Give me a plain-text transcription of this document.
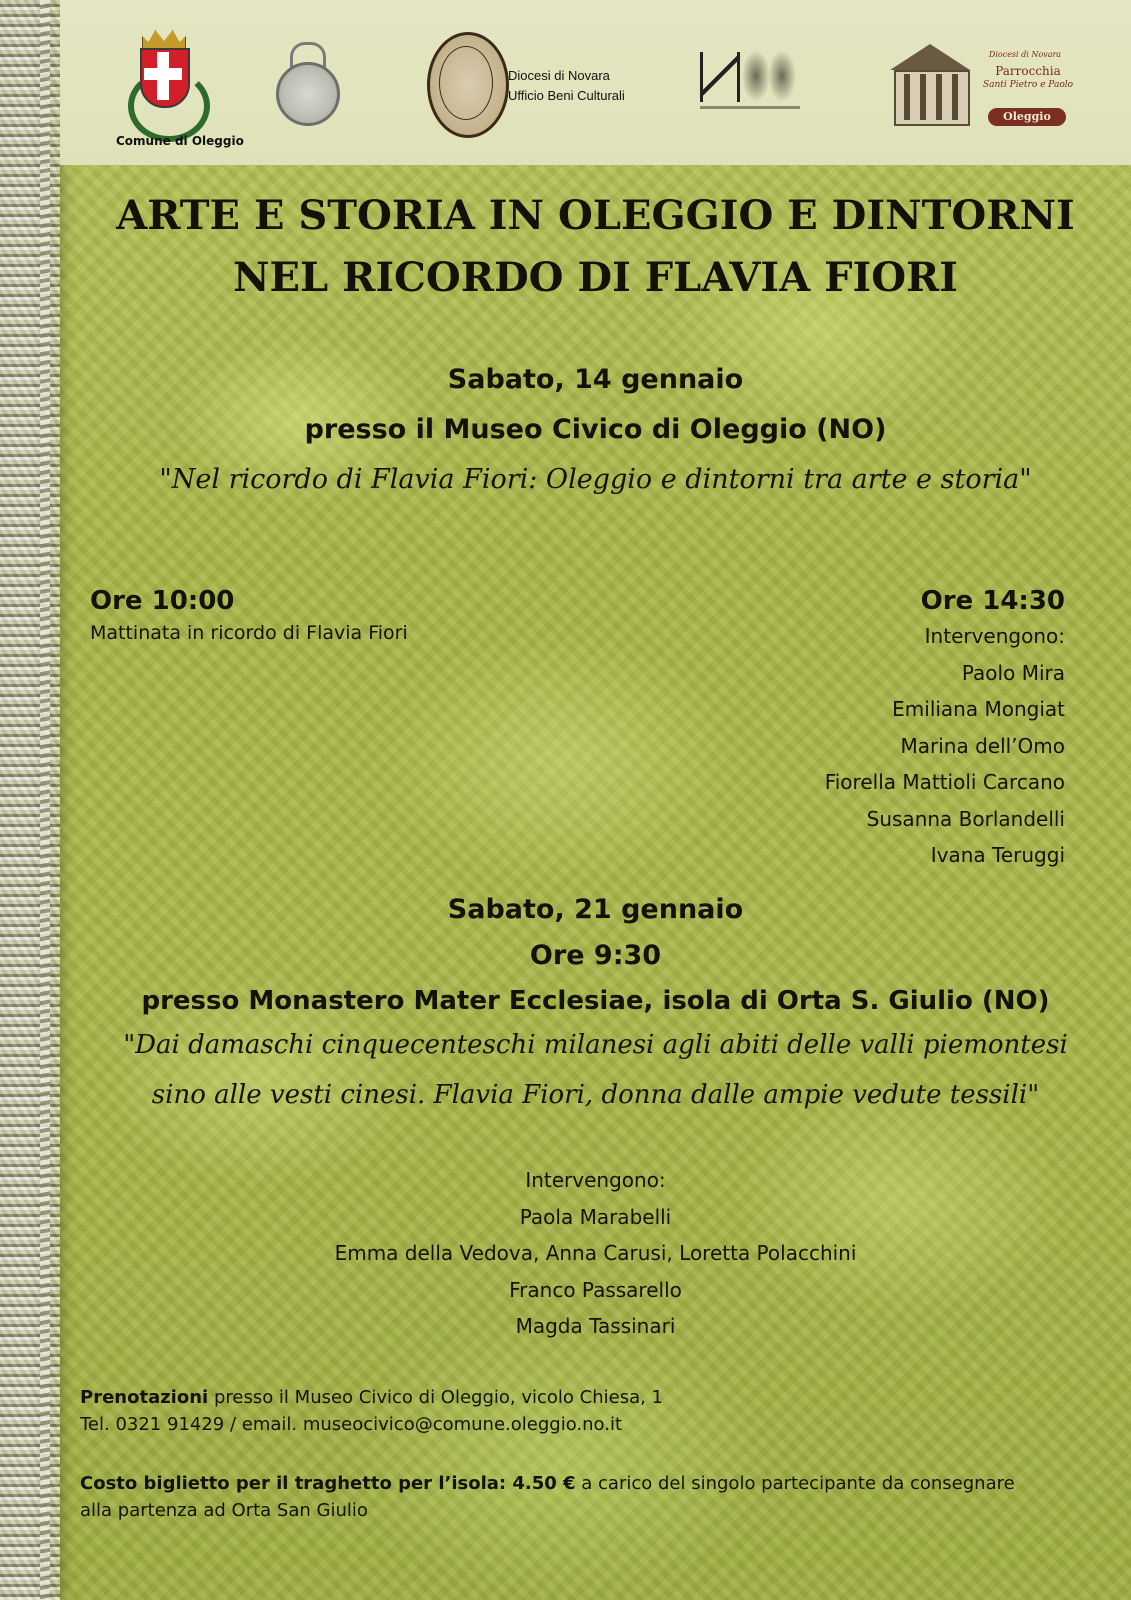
Comune di Oleggio
Diocesi di Novara
Ufficio Beni Culturali
Diocesi di Novara
Parrocchia
Santi Pietro e Paolo
Oleggio
ARTE E STORIA IN OLEGGIO E DINTORNI
NEL RICORDO DI FLAVIA FIORI
Sabato, 14 gennaio
presso il Museo Civico di Oleggio (NO)
"Nel ricordo di Flavia Fiori: Oleggio e dintorni tra arte e storia"
Ore 10:00
Mattinata in ricordo di Flavia Fiori
Ore 14:30
Intervengono:
Paolo Mira
Emiliana Mongiat
Marina dell’Omo
Fiorella Mattioli Carcano
Susanna Borlandelli
Ivana Teruggi
Sabato, 21 gennaio
Ore 9:30
presso Monastero Mater Ecclesiae, isola di Orta S. Giulio (NO)
"Dai damaschi cinquecenteschi milanesi agli abiti delle valli piemontesi
sino alle vesti cinesi. Flavia Fiori, donna dalle ampie vedute tessili"
Intervengono:
Paola Marabelli
Emma della Vedova, Anna Carusi, Loretta Polacchini
Franco Passarello
Magda Tassinari
Prenotazioni presso il Museo Civico di Oleggio, vicolo Chiesa, 1
Tel. 0321 91429 / email. museocivico@comune.oleggio.no.it
Costo biglietto per il traghetto per l’isola: 4.50 € a carico del singolo partecipante da consegnare alla partenza ad Orta San Giulio
